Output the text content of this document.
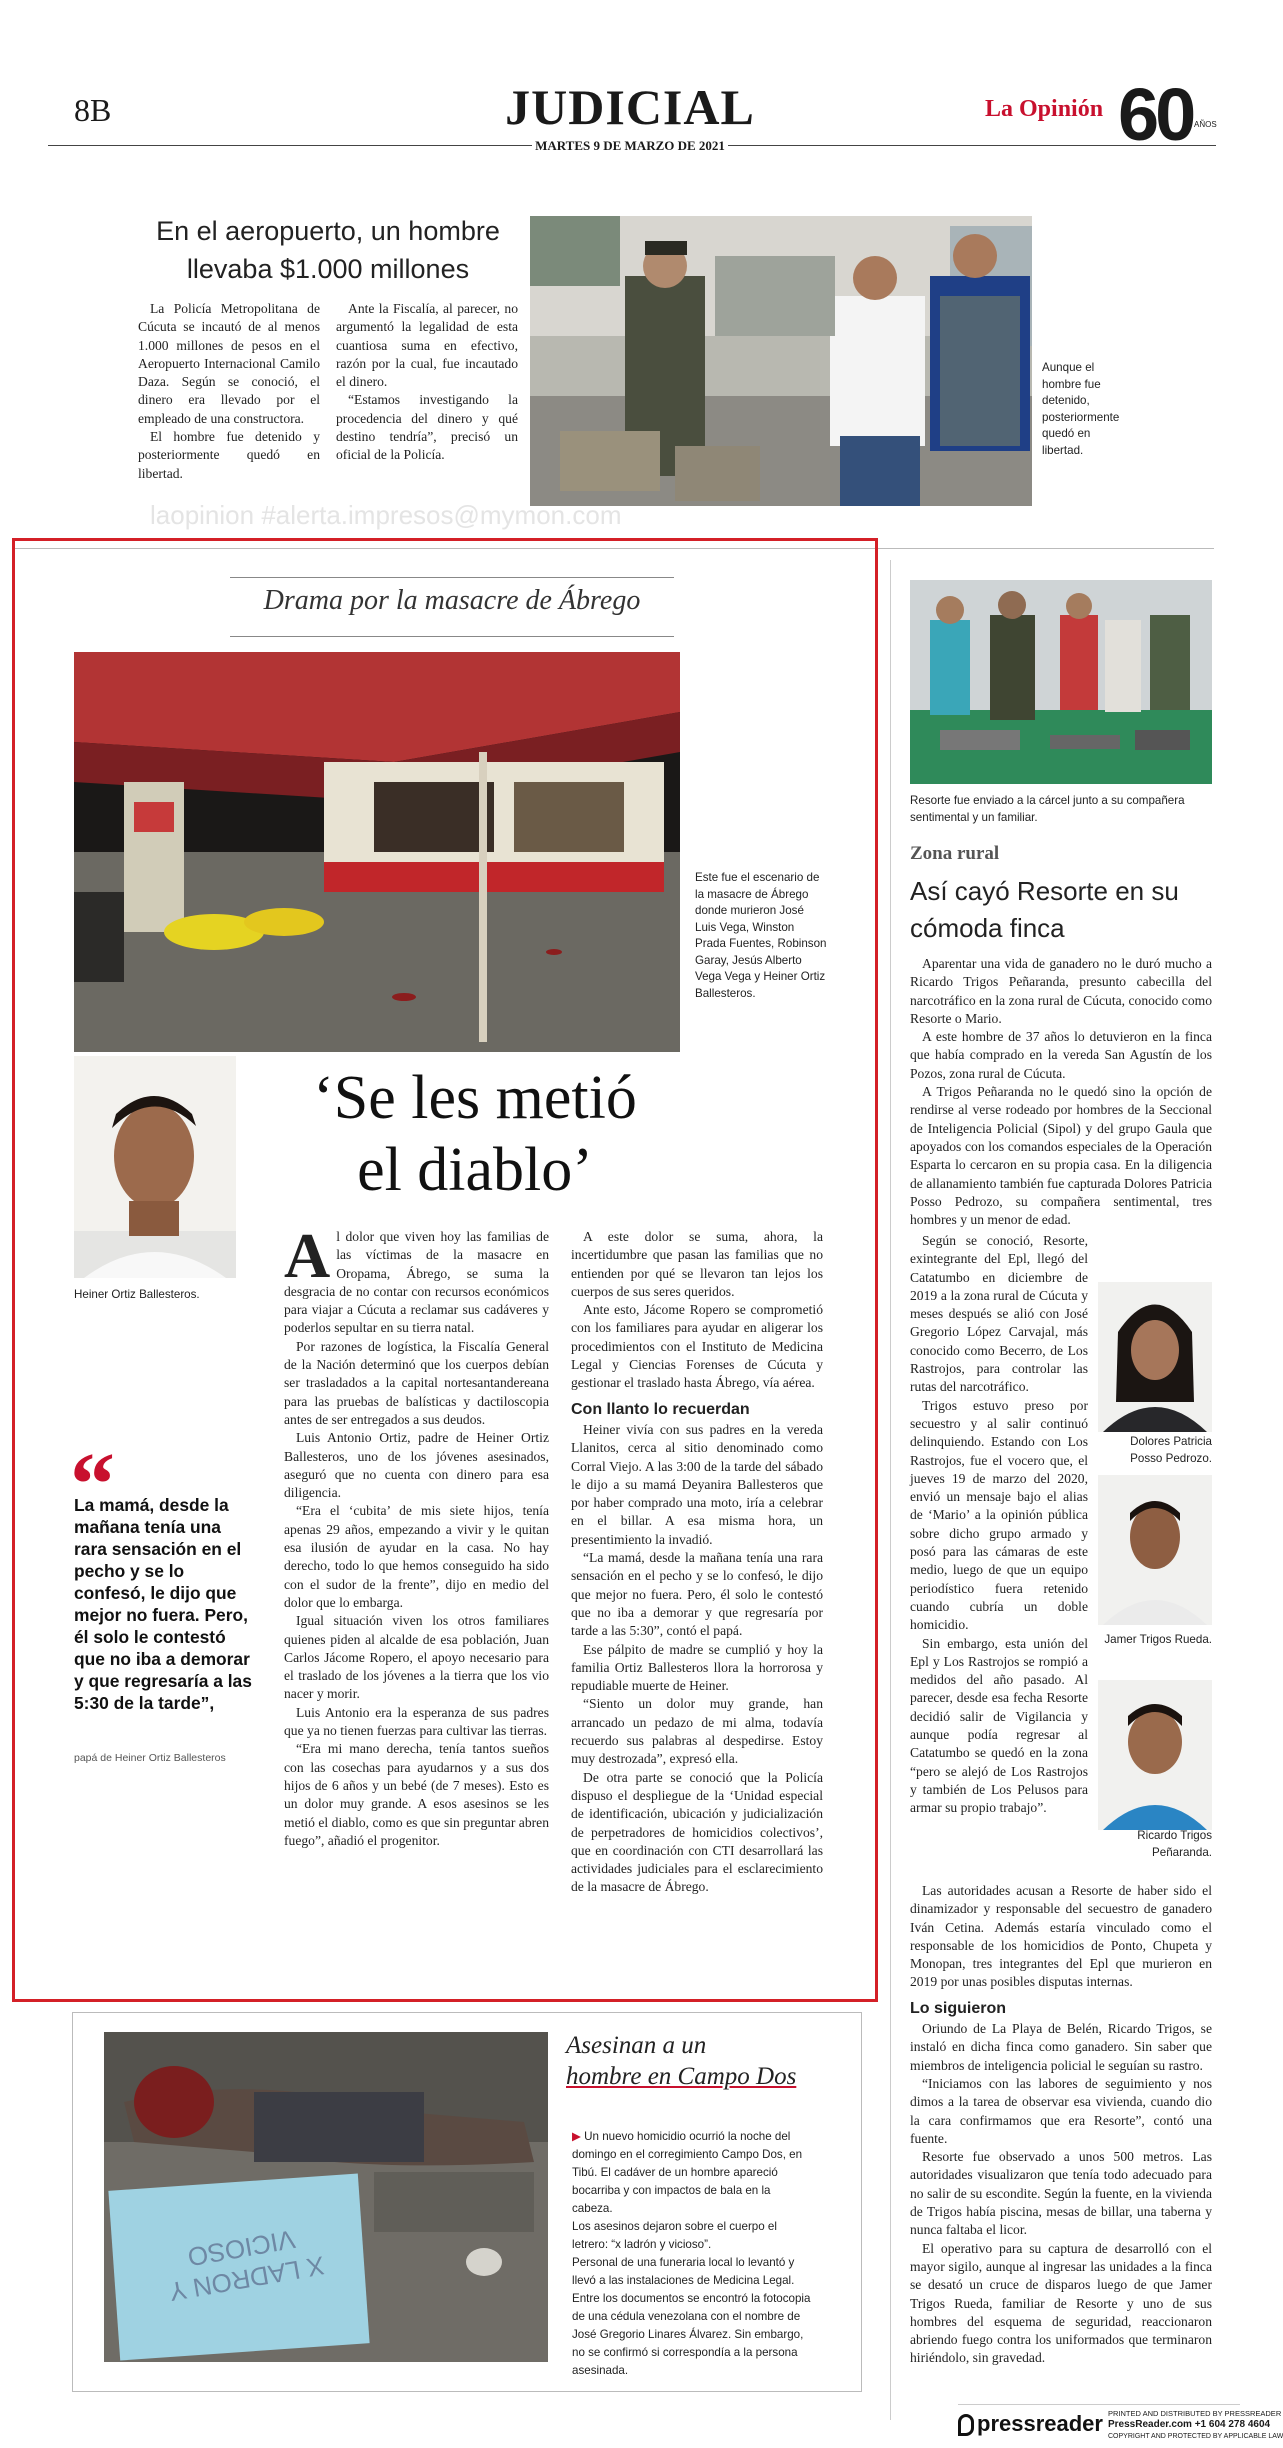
8B	JUDICIAL
MARTES 9 DE MARZO DE 2021
La Opinión 60 AÑOS
En el aeropuerto, un hombre llevaba $1.000 millones

La Policía Metropolitana de Cúcuta se incautó de al menos 1.000 millones de pesos en el Aeropuerto Internacional Camilo Daza. Según se conoció, el dinero era llevado por el empleado de una constructora.

El hombre fue detenido y posteriormente quedó en libertad.

Ante la Fiscalía, al parecer, no argumentó la legalidad de esta cuantiosa suma en efectivo, razón por la cual, fue incautado el dinero.

“Estamos investigando la procedencia del dinero y qué destino tendría”, precisó un oficial de la Policía.

Aunque el hombre fue detenido, posteriormente quedó en libertad.
laopinion #alerta.impresos@mymon.com
Drama por la masacre de Ábrego
Este fue el escenario de la masacre de Ábrego donde murieron José Luis Vega, Winston Prada Fuentes, Robinson Garay, Jesús Alberto Vega Vega y Heiner Ortiz Ballesteros.
Heiner Ortiz Ballesteros.
‘Se les metió
el diablo’
“
La mamá, desde la mañana tenía una rara sensación en el pecho y se lo confesó, le dijo que mejor no fuera. Pero, él solo le contestó que no iba a demorar y que regresaría a las 5:30 de la tarde”,
papá de Heiner Ortiz Ballesteros

Al dolor que viven hoy las familias de las víctimas de la masacre en Oropama, Ábrego, se suma la desgracia de no contar con recursos económicos para viajar a Cúcuta a reclamar sus cadáveres y poderlos sepultar en su tierra natal.

Por razones de logística, la Fiscalía General de la Nación determinó que los cuerpos debían ser trasladados a la capital nortesantandereana para las pruebas de balísticas y dactiloscopia antes de ser entregados a sus deudos.

Luis Antonio Ortiz, padre de Heiner Ortiz Ballesteros, uno de los jóvenes asesinados, aseguró que no cuenta con dinero para esa diligencia.

“Era el ‘cubita’ de mis siete hijos, tenía apenas 29 años, empezando a vivir y le quitan esa ilusión de ayudar en la casa. No hay derecho, todo lo que hemos conseguido ha sido con el sudor de la frente”, dijo en medio del dolor que lo embarga.

Igual situación viven los otros familiares quienes piden al alcalde de esa población, Juan Carlos Jácome Ropero, el apoyo necesario para el traslado de los jóvenes a la tierra que los vio nacer y morir.

Luis Antonio era la esperanza de sus padres que ya no tienen fuerzas para cultivar las tierras.

“Era mi mano derecha, tenía tantos sueños con las cosechas para ayudarnos y a sus dos hijos de 6 años y un bebé (de 7 meses). Esto es un dolor muy grande. A esos asesinos se les metió el diablo, como es que sin preguntar abren fuego”, añadió el progenitor.

A este dolor se suma, ahora, la incertidumbre que pasan las familias que no entienden por qué se llevaron tan lejos los cuerpos de sus seres queridos.

Ante esto, Jácome Ropero se comprometió con los familiares para ayudar en aligerar los procedimientos con el Instituto de Medicina Legal y Ciencias Forenses de Cúcuta y gestionar el traslado hasta Ábrego, vía aérea.

Con llanto lo recuerdan

Heiner vivía con sus padres en la vereda Llanitos, cerca al sitio denominado como Corral Viejo. A las 3:00 de la tarde del sábado le dijo a su mamá Deyanira Ballesteros que por haber comprado una moto, iría a celebrar en el billar. A esa misma hora, un presentimiento la invadió.

“La mamá, desde la mañana tenía una rara sensación en el pecho y se lo confesó, le dijo que mejor no fuera. Pero, él solo le contestó que no iba a demorar y que regresaría por tarde a las 5:30”, contó el papá.

Ese pálpito de madre se cumplió y hoy la familia Ortiz Ballesteros llora la horrorosa y repudiable muerte de Heiner.

“Siento un dolor muy grande, han arrancado un pedazo de mi alma, todavía recuerdo sus palabras al despedirse. Estoy muy destrozada”, expresó ella.

De otra parte se conoció que la Policía dispuso el despliegue de la ‘Unidad especial de identificación, ubicación y judicialización de perpetradores de homicidios colectivos’, que en coordinación con CTI desarrollará las actividades judiciales para el esclarecimiento de la masacre de Ábrego.

X LADRON Y VICIOSO
Asesinan a un
hombre en Campo Dos

▶ Un nuevo homicidio ocurrió la noche del domingo en el corregimiento Campo Dos, en Tibú. El cadáver de un hombre apareció bocarriba y con impactos de bala en la cabeza.

Los asesinos dejaron sobre el cuerpo el letrero: “x ladrón y vicioso”.

Personal de una funeraria local lo levantó y llevó a las instalaciones de Medicina Legal.

Entre los documentos se encontró la fotocopia de una cédula venezolana con el nombre de José Gregorio Linares Álvarez. Sin embargo, no se confirmó si correspondía a la persona asesinada.

Resorte fue enviado a la cárcel junto a su compañera sentimental y un familiar.
Zona rural
Así cayó Resorte en su cómoda finca

Aparentar una vida de ganadero no le duró mucho a Ricardo Trigos Peñaranda, presunto cabecilla del narcotráfico en la zona rural de Cúcuta, conocido como Resorte o Mario.

A este hombre de 37 años lo detuvieron en la finca que había comprado en la vereda San Agustín de los Pozos, zona rural de Cúcuta.

A Trigos Peñaranda no le quedó sino la opción de rendirse al verse rodeado por hombres de la Seccional de Inteligencia Policial (Sipol) y del grupo Gaula que apoyados con los comandos especiales de la Operación Esparta lo cercaron en su propia casa. En la diligencia de allanamiento también fue capturada Dolores Patricia Posso Pedrozo, su compañera sentimental, tres hombres y un menor de edad.

Según se conoció, Resorte, exintegrante del Epl, llegó del Catatumbo en diciembre de 2019 a la zona rural de Cúcuta y meses después se alió con José Gregorio López Carvajal, más conocido como Becerro, de Los Rastrojos, para controlar las rutas del narcotráfico.

Trigos estuvo preso por secuestro y al salir continuó delinquiendo. Estando con Los Rastrojos, fue el vocero que, el jueves 19 de marzo del 2020, envió un mensaje bajo el alias de ‘Mario’ a la opinión pública sobre dicho grupo armado y posó para las cámaras de este medio, luego de que un equipo periodístico fuera retenido cuando cubría un doble homicidio.

Sin embargo, esta unión del Epl y Los Rastrojos se rompió a medidos del año pasado. Al parecer, desde esa fecha Resorte decidió salir de Vigilancia y aunque podía regresar al Catatumbo se quedó en la zona “pero se alejó de Los Rastrojos y también de Los Pelusos para armar su propio trabajo”.

Dolores Patricia Posso Pedrozo.
Jamer Trigos Rueda.
Ricardo Trigos Peñaranda.

Las autoridades acusan a Resorte de haber sido el dinamizador y responsable del secuestro de ganadero Iván Cetina. Además estaría vinculado como el responsable de los homicidios de Ponto, Chupeta y Monopan, tres integrantes del Epl que murieron en 2019 por unas posibles disputas internas.

Lo siguieron

Oriundo de La Playa de Belén, Ricardo Trigos, se instaló en dicha finca como ganadero. Sin saber que miembros de inteligencia policial le seguían su rastro.

“Iniciamos con las labores de seguimiento y nos dimos a la tarea de observar esa vivienda, cuando dio la cara confirmamos que era Resorte”, contó una fuente.

Resorte fue observado a unos 500 metros. Las autoridades visualizaron que tenía todo adecuado para no salir de su escondite. Según la fuente, en la vivienda de Trigos había piscina, mesas de billar, una taberna y nunca faltaba el licor.

El operativo para su captura de desarrolló con el mayor sigilo, aunque al ingresar las unidades a la finca se desató un cruce de disparos luego de que Jamer Trigos Rueda, familiar de Resorte y uno de sus hombres del esquema de seguridad, reaccionaron abriendo fuego contra los uniformados que terminaron hiriéndolo, sin gravedad.

pressreader PRINTED AND DISTRIBUTED BY PRESSREADER
PressReader.com +1 604 278 4604
COPYRIGHT AND PROTECTED BY APPLICABLE LAW
